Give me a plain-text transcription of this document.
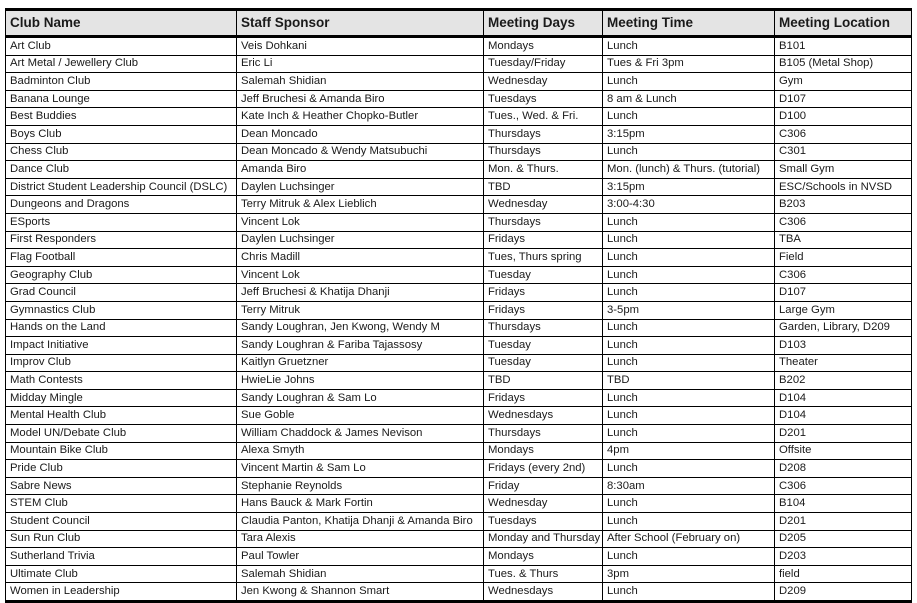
Club Name	Staff Sponsor	Meeting Days	Meeting Time	Meeting Location
Art Club	Veis Dohkani	Mondays	Lunch	B101
Art Metal / Jewellery Club	Eric Li	Tuesday/Friday	Tues & Fri 3pm	B105 (Metal Shop)
Badminton Club	Salemah Shidian	Wednesday	Lunch	Gym
Banana Lounge	Jeff Bruchesi & Amanda Biro	Tuesdays	8 am & Lunch	D107
Best Buddies	Kate Inch & Heather Chopko-Butler	Tues., Wed. & Fri.	Lunch	D100
Boys Club	Dean Moncado	Thursdays	3:15pm	C306
Chess Club	Dean Moncado & Wendy Matsubuchi	Thursdays	Lunch	C301
Dance Club	Amanda Biro	Mon. & Thurs.	Mon. (lunch) & Thurs. (tutorial)	Small Gym
District Student Leadership Council (DSLC)	Daylen Luchsinger	TBD	3:15pm	ESC/Schools in NVSD
Dungeons and Dragons	Terry Mitruk & Alex Lieblich	Wednesday	3:00-4:30	B203
ESports	Vincent Lok	Thursdays	Lunch	C306
First Responders	Daylen Luchsinger	Fridays	Lunch	TBA
Flag Football	Chris Madill	Tues, Thurs spring	Lunch	Field
Geography Club	Vincent Lok	Tuesday	Lunch	C306
Grad Council	Jeff Bruchesi & Khatija Dhanji	Fridays	Lunch	D107
Gymnastics Club	Terry Mitruk	Fridays	3-5pm	Large Gym
Hands on the Land	Sandy Loughran, Jen Kwong, Wendy M	Thursdays	Lunch	Garden, Library, D209
Impact Initiative	Sandy Loughran & Fariba Tajassosy	Tuesday	Lunch	D103
Improv Club	Kaitlyn Gruetzner	Tuesday	Lunch	Theater
Math Contests	HwieLie Johns	TBD	TBD	B202
Midday Mingle	Sandy Loughran & Sam Lo	Fridays	Lunch	D104
Mental Health Club	Sue Goble	Wednesdays	Lunch	D104
Model UN/Debate Club	William Chaddock & James Nevison	Thursdays	Lunch	D201
Mountain Bike Club	Alexa Smyth	Mondays	4pm	Offsite
Pride Club	Vincent Martin & Sam Lo	Fridays (every 2nd)	Lunch	D208
Sabre News	Stephanie Reynolds	Friday	8:30am	C306
STEM Club	Hans Bauck & Mark Fortin	Wednesday	Lunch	B104
Student Council	Claudia Panton, Khatija Dhanji & Amanda Biro	Tuesdays	Lunch	D201
Sun Run Club	Tara Alexis	Monday and Thursday	After School (February on)	D205
Sutherland Trivia	Paul Towler	Mondays	Lunch	D203
Ultimate Club	Salemah Shidian	Tues. & Thurs	3pm	field
Women in Leadership	Jen Kwong & Shannon Smart	Wednesdays	Lunch	D209
